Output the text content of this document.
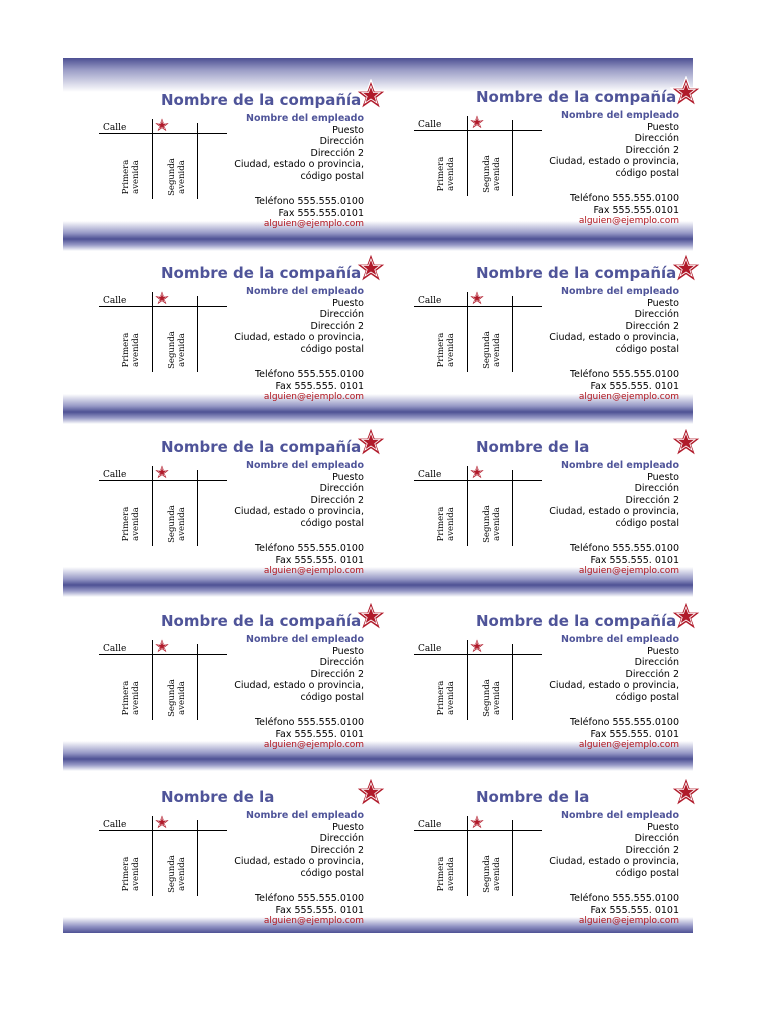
Nombre de la compañía
Calle
Primera avenida	Segunda avenida
Nombre del empleado
Puesto
Dirección
Dirección 2
Ciudad, estado o provincia, código postal
Teléfono 555.555.0100
Fax 555.555.0101
alguien@ejemplo.com
Nombre de la compañía
Calle
Primera avenida	Segunda avenida
Nombre del empleado
Puesto
Dirección
Dirección 2
Ciudad, estado o provincia, código postal
Teléfono 555.555.0100
Fax 555.555.0101
alguien@ejemplo.com
Nombre de la compañía
Calle
Primera avenida	Segunda avenida
Nombre del empleado
Puesto
Dirección
Dirección 2
Ciudad, estado o provincia, código postal
Teléfono 555.555.0100
Fax 555.555. 0101
alguien@ejemplo.com
Nombre de la compañía
Calle
Primera avenida	Segunda avenida
Nombre del empleado
Puesto
Dirección
Dirección 2
Ciudad, estado o provincia, código postal
Teléfono 555.555.0100
Fax 555.555. 0101
alguien@ejemplo.com
Nombre de la compañía
Calle
Primera avenida	Segunda avenida
Nombre del empleado
Puesto
Dirección
Dirección 2
Ciudad, estado o provincia, código postal
Teléfono 555.555.0100
Fax 555.555. 0101
alguien@ejemplo.com
Nombre de la
Calle
Primera avenida	Segunda avenida
Nombre del empleado
Puesto
Dirección
Dirección 2
Ciudad, estado o provincia, código postal
Teléfono 555.555.0100
Fax 555.555. 0101
alguien@ejemplo.com
Nombre de la compañía
Calle
Primera avenida	Segunda avenida
Nombre del empleado
Puesto
Dirección
Dirección 2
Ciudad, estado o provincia, código postal
Teléfono 555.555.0100
Fax 555.555. 0101
alguien@ejemplo.com
Nombre de la compañía
Calle
Primera avenida	Segunda avenida
Nombre del empleado
Puesto
Dirección
Dirección 2
Ciudad, estado o provincia, código postal
Teléfono 555.555.0100
Fax 555.555. 0101
alguien@ejemplo.com
Nombre de la
Calle
Primera avenida	Segunda avenida
Nombre del empleado
Puesto
Dirección
Dirección 2
Ciudad, estado o provincia, código postal
Teléfono 555.555.0100
Fax 555.555. 0101
alguien@ejemplo.com
Nombre de la
Calle
Primera avenida	Segunda avenida
Nombre del empleado
Puesto
Dirección
Dirección 2
Ciudad, estado o provincia, código postal
Teléfono 555.555.0100
Fax 555.555. 0101
alguien@ejemplo.com
